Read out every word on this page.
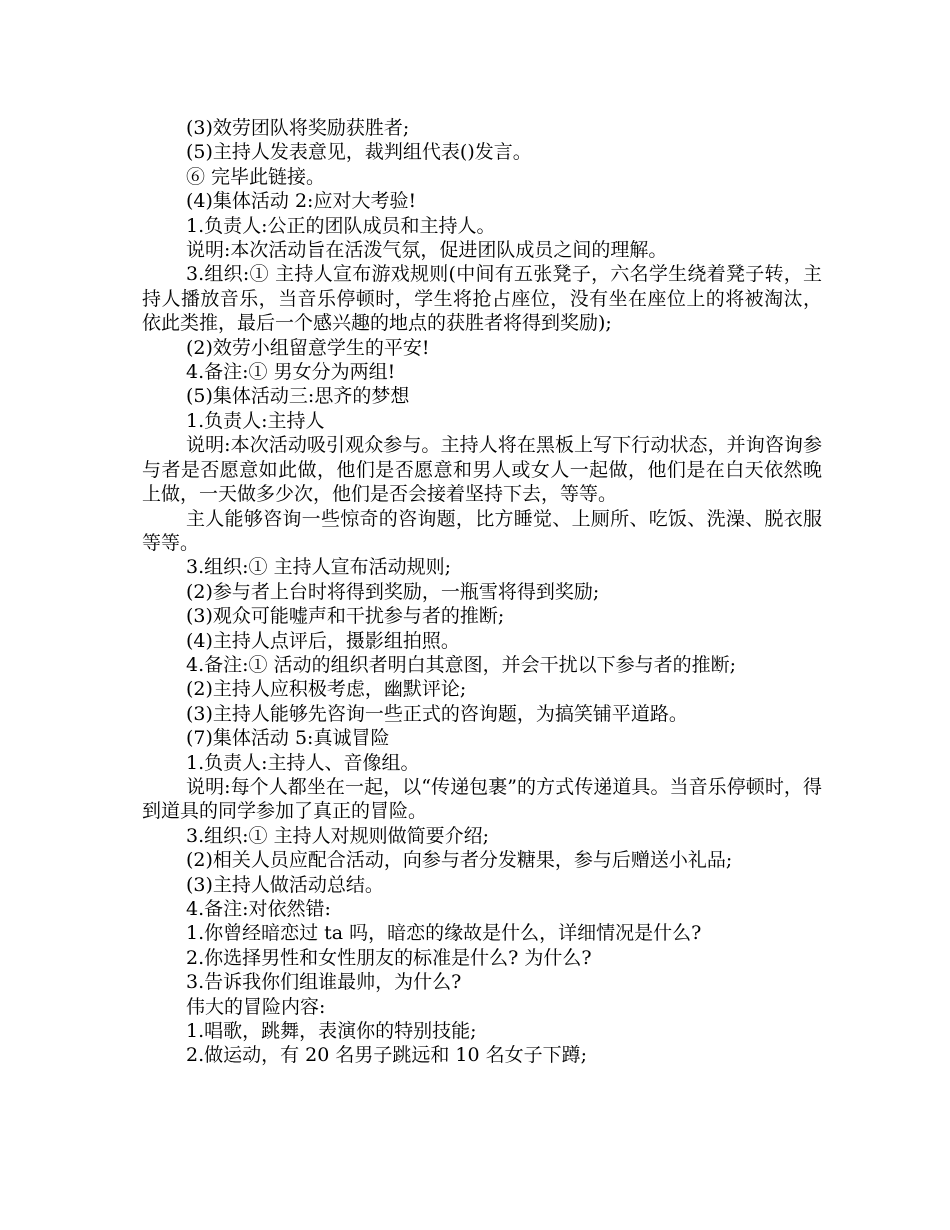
(3)效劳团队将奖励获胜者;

(5)主持人发表意见，裁判组代表()发言。

⑥ 完毕此链接。

(4)集体活动 2:应对大考验!

1.负责人:公正的团队成员和主持人。

说明:本次活动旨在活泼气氛，促进团队成员之间的理解。

3.组织:① 主持人宣布游戏规则(中间有五张凳子，六名学生绕着凳子转，主持人播放音乐，当音乐停顿时，学生将抢占座位，没有坐在座位上的将被淘汰，依此类推，最后一个感兴趣的地点的获胜者将得到奖励);

(2)效劳小组留意学生的平安!

4.备注:① 男女分为两组!

(5)集体活动三:思齐的梦想

1.负责人:主持人

说明:本次活动吸引观众参与。主持人将在黑板上写下行动状态，并询咨询参与者是否愿意如此做，他们是否愿意和男人或女人一起做，他们是在白天依然晚上做，一天做多少次，他们是否会接着坚持下去，等等。

主人能够咨询一些惊奇的咨询题，比方睡觉、上厕所、吃饭、洗澡、脱衣服等等。

3.组织:① 主持人宣布活动规则;

(2)参与者上台时将得到奖励，一瓶雪将得到奖励;

(3)观众可能嘘声和干扰参与者的推断;

(4)主持人点评后，摄影组拍照。

4.备注:① 活动的组织者明白其意图，并会干扰以下参与者的推断;

(2)主持人应积极考虑，幽默评论;

(3)主持人能够先咨询一些正式的咨询题，为搞笑铺平道路。

(7)集体活动 5:真诚冒险

1.负责人:主持人、音像组。

说明:每个人都坐在一起，以“传递包裹”的方式传递道具。当音乐停顿时，得到道具的同学参加了真正的冒险。

3.组织:① 主持人对规则做简要介绍;

(2)相关人员应配合活动，向参与者分发糖果，参与后赠送小礼品;

(3)主持人做活动总结。

4.备注:对依然错:

1.你曾经暗恋过 ta 吗，暗恋的缘故是什么，详细情况是什么?

2.你选择男性和女性朋友的标准是什么? 为什么?

3.告诉我你们组谁最帅，为什么?

伟大的冒险内容:

1.唱歌，跳舞，表演你的特别技能;

2.做运动，有 20 名男子跳远和 10 名女子下蹲;
